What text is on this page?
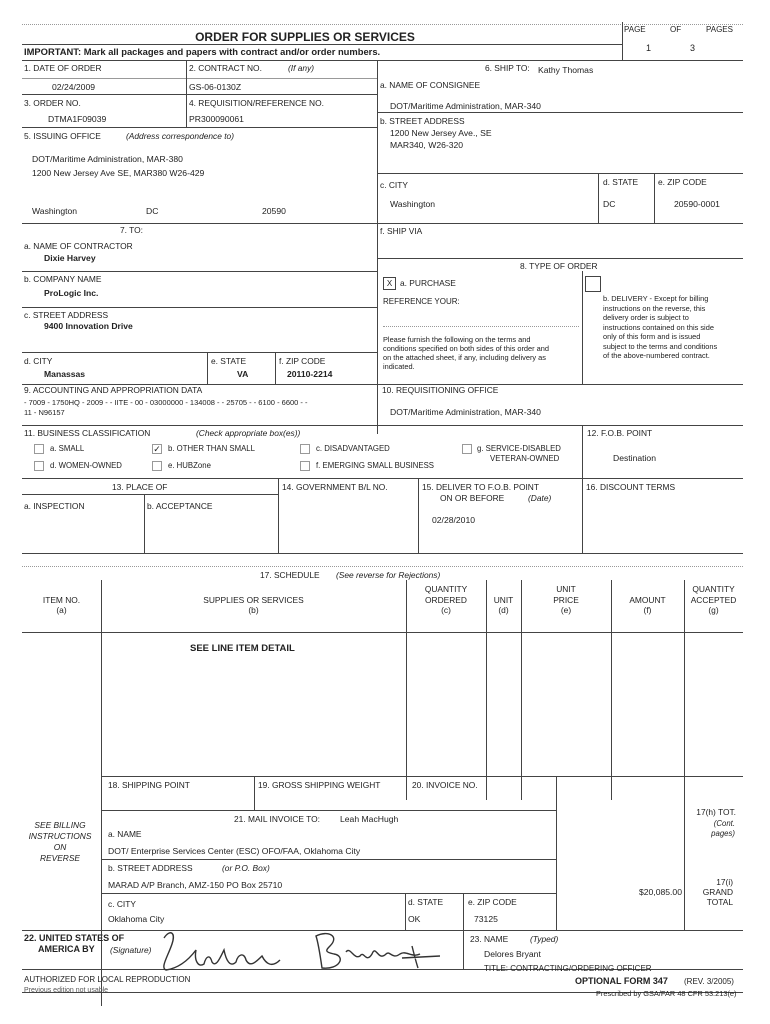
ORDER FOR SUPPLIES OR SERVICES
IMPORTANT: Mark all packages and papers with contract and/or order numbers.
PAGE	OF	PAGES
1	3
1. DATE OF ORDER
02/24/2009
2. CONTRACT NO.	(If any)
GS-06-0130Z
3. ORDER NO.
DTMA1F09039
4. REQUISITION/REFERENCE NO.
PR300090061
5. ISSUING OFFICE	(Address correspondence to)
DOT/Maritime Administration, MAR-380
1200 New Jersey Ave SE, MAR380 W26-429
Washington	DC	20590
6. SHIP TO: Kathy Thomas
a. NAME OF CONSIGNEE
DOT/Maritime Administration, MAR-340
b. STREET ADDRESS
1200 New Jersey Ave., SE
MAR340, W26-320
c. CITY
Washington
d. STATE
DC
e. ZIP CODE
20590-0001
f. SHIP VIA
7. TO:
a. NAME OF CONTRACTOR
Dixie Harvey
b. COMPANY NAME
ProLogic Inc.
c. STREET ADDRESS
9400 Innovation Drive
d. CITY
Manassas
e. STATE
VA
f. ZIP CODE
20110-2214
8. TYPE OF ORDER
X a. PURCHASE
REFERENCE YOUR:
Please furnish the following on the terms and
conditions specified on both sides of this order and
on the attached sheet, if any, including delivery as
indicated.
b. DELIVERY - Except for billing
instructions on the reverse, this
delivery order is subject to
instructions contained on this side
only of this form and is issued
subject to the terms and conditions
of the above-numbered contract.
9. ACCOUNTING AND APPROPRIATION DATA
- 7009 - 1750HQ - 2009 - - IITE - 00 - 03000000 - 134008 - - 25705 - - 6100 - 6600 - -
11 - N96157
10. REQUISITIONING OFFICE
DOT/Maritime Administration, MAR-340
11. BUSINESS CLASSIFICATION	(Check appropriate box(es))
a. SMALL	✓ b. OTHER THAN SMALL	c. DISADVANTAGED	g. SERVICE-DISABLED
VETERAN-OWNED
d. WOMEN-OWNED	e. HUBZone	f. EMERGING SMALL BUSINESS
12. F.O.B. POINT
Destination
13. PLACE OF
a. INSPECTION	b. ACCEPTANCE
14. GOVERNMENT B/L NO.	15. DELIVER TO F.O.B. POINT
ON OR BEFORE	(Date)
02/28/2010
16. DISCOUNT TERMS
17. SCHEDULE (See reverse for Rejections)
ITEM NO.
(a)
SUPPLIES OR SERVICES
(b)
QUANTITY
ORDERED
(c)
UNIT
(d)
UNIT
PRICE
(e)
AMOUNT
(f)
QUANTITY
ACCEPTED
(g)
SEE LINE ITEM DETAIL
18. SHIPPING POINT	19. GROSS SHIPPING WEIGHT	20. INVOICE NO.
21. MAIL INVOICE TO: Leah MacHugh
a. NAME
DOT/ Enterprise Services Center (ESC) OFO/FAA, Oklahoma City
b. STREET ADDRESS	(or P.O. Box)
MARAD A/P Branch, AMZ-150 PO Box 25710
c. CITY
Oklahoma City
d. STATE
OK
e. ZIP CODE
73125
SEE BILLING
INSTRUCTIONS
ON
REVERSE
17(h) TOT.
(Cont.
pages)
17(i)
GRAND
TOTAL
$20,085.00
22. UNITED STATES OF
AMERICA BY (Signature)
23. NAME	(Typed)
Delores Bryant
TITLE: CONTRACTING/ORDERING OFFICER
AUTHORIZED FOR LOCAL REPRODUCTION
Previous edition not usable
OPTIONAL FORM 347 (REV. 3/2005)
Prescribed by GSA/FAR 48 CFR 53.213(e)
